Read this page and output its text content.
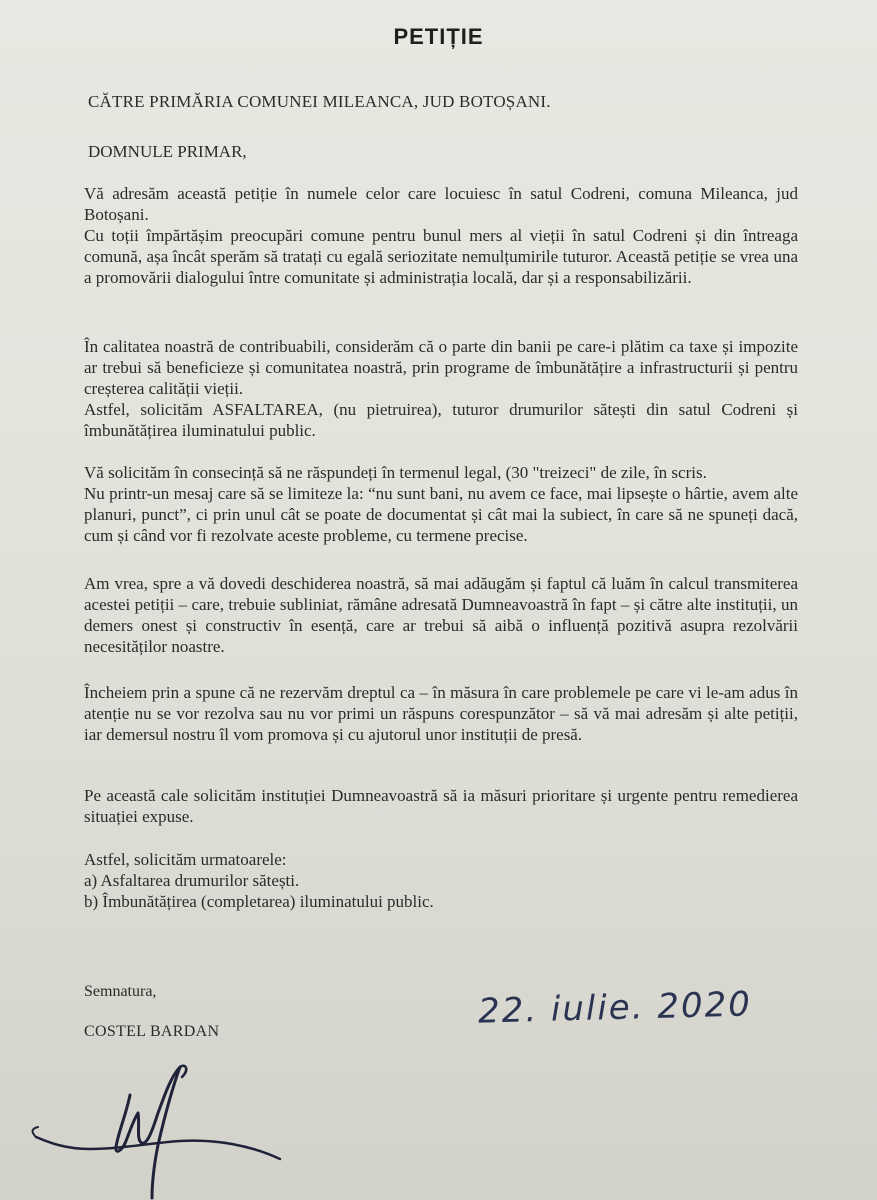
PETIȚIE
CĂTRE PRIMĂRIA COMUNEI MILEANCA, JUD BOTOȘANI.
DOMNULE PRIMAR,

Vă adresăm această petiție în numele celor care locuiesc în satul Codreni, comuna Mileanca, jud Botoșani.

Cu toții împărtășim preocupări comune pentru bunul mers al vieții în satul Codreni și din întreaga comună, așa încât sperăm să tratați cu egală seriozitate nemulțumirile tuturor. Această petiție se vrea una a promovării dialogului între comunitate și administrația locală, dar și a responsabilizării.

În calitatea noastră de contribuabili, considerăm că o parte din banii pe care-i plătim ca taxe și impozite ar trebui să beneficieze și comunitatea noastră, prin programe de îmbunătățire a infrastructurii și pentru creșterea calității vieții.

Astfel, solicităm ASFALTAREA, (nu pietruirea), tuturor drumurilor sătești din satul Codreni și îmbunătățirea iluminatului public.

Vă solicităm în consecință să ne răspundeți în termenul legal, (30 "treizeci" de zile, în scris.

Nu printr-un mesaj care să se limiteze la: “nu sunt bani, nu avem ce face, mai lipsește o hârtie, avem alte planuri, punct”, ci prin unul cât se poate de documentat și cât mai la subiect, în care să ne spuneți dacă, cum și când vor fi rezolvate aceste probleme, cu termene precise.

Am vrea, spre a vă dovedi deschiderea noastră, să mai adăugăm și faptul că luăm în calcul transmiterea acestei petiții – care, trebuie subliniat, rămâne adresată Dumneavoastră în fapt – și către alte instituții, un demers onest și constructiv în esență, care ar trebui să aibă o influență pozitivă asupra rezolvării necesităților noastre.

Încheiem prin a spune că ne rezervăm dreptul ca – în măsura în care problemele pe care vi le-am adus în atenție nu se vor rezolva sau nu vor primi un răspuns corespunzător – să vă mai adresăm și alte petiții, iar demersul nostru îl vom promova și cu ajutorul unor instituții de presă.

Pe această cale solicităm instituției Dumneavoastră să ia măsuri prioritare și urgente pentru remedierea situației expuse.

Astfel, solicităm urmatoarele:

a) Asfaltarea drumurilor sătești.

b) Îmbunătățirea (completarea) iluminatului public.

Semnatura,	22. iulie. 2020
COSTEL BARDAN
